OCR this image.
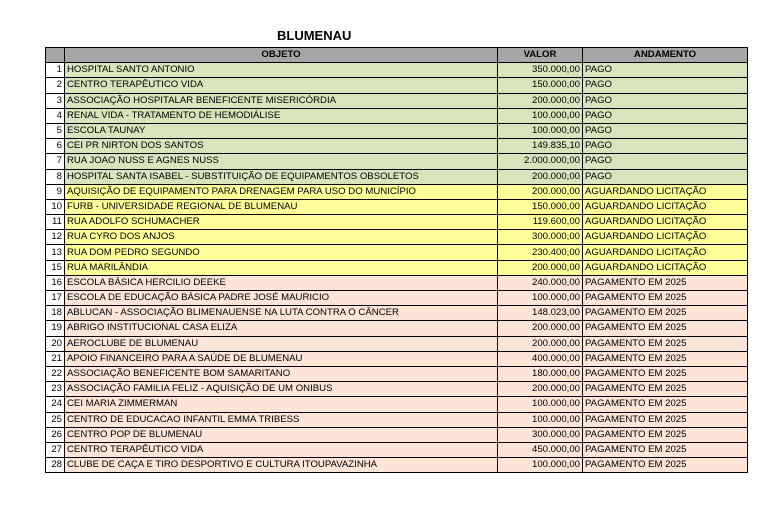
BLUMENAU
	OBJETO	VALOR	ANDAMENTO
1	HOSPITAL SANTO ANTONIO	350.000,00	PAGO
2	CENTRO TERAPÊUTICO VIDA	150.000,00	PAGO
3	ASSOCIAÇÃO HOSPITALAR BENEFICENTE MISERICÓRDIA	200.000,00	PAGO
4	RENAL VIDA - TRATAMENTO DE HEMODIÁLISE	100.000,00	PAGO
5	ESCOLA TAUNAY	100.000,00	PAGO
6	CEI PR NIRTON DOS SANTOS	149.835,10	PAGO
7	RUA JOAO NUSS E AGNES NUSS	2.000.000,00	PAGO
8	HOSPITAL SANTA ISABEL - SUBSTITUIÇÃO DE EQUIPAMENTOS OBSOLETOS	200.000,00	PAGO
9	AQUISIÇÃO DE EQUIPAMENTO PARA DRENAGEM PARA USO DO MUNICÍPIO	200.000,00	AGUARDANDO LICITAÇÃO
10	FURB - UNIVERSIDADE REGIONAL DE BLUMENAU	150.000,00	AGUARDANDO LICITAÇÃO
11	RUA ADOLFO SCHUMACHER	119.600,00	AGUARDANDO LICITAÇÃO
12	RUA CYRO DOS ANJOS	300.000,00	AGUARDANDO LICITAÇÃO
13	RUA DOM PEDRO SEGUNDO	230.400,00	AGUARDANDO LICITAÇÃO
15	RUA MARILÂNDIA	200.000,00	AGUARDANDO LICITAÇÃO
16	ESCOLA BÁSICA HERCILIO DEEKE	240.000,00	PAGAMENTO EM 2025
17	ESCOLA DE EDUCAÇÃO BÁSICA PADRE JOSÉ MAURICIO	100.000,00	PAGAMENTO EM 2025
18	ABLUCAN - ASSOCIAÇÃO BLIMENAUENSE NA LUTA CONTRA O CÂNCER	148.023,00	PAGAMENTO EM 2025
19	ABRIGO INSTITUCIONAL CASA ELIZA	200.000,00	PAGAMENTO EM 2025
20	AEROCLUBE DE BLUMENAU	200.000,00	PAGAMENTO EM 2025
21	APOIO FINANCEIRO PARA A SAÚDE DE BLUMENAU	400.000,00	PAGAMENTO EM 2025
22	ASSOCIAÇÃO BENEFICENTE BOM SAMARITANO	180.000,00	PAGAMENTO EM 2025
23	ASSOCIAÇÃO FAMILIA FELIZ - AQUISIÇÃO DE UM ONIBUS	200.000,00	PAGAMENTO EM 2025
24	CEI MARIA ZIMMERMAN	100.000,00	PAGAMENTO EM 2025
25	CENTRO DE EDUCACAO INFANTIL EMMA TRIBESS	100.000,00	PAGAMENTO EM 2025
26	CENTRO POP DE BLUMENAU	300.000,00	PAGAMENTO EM 2025
27	CENTRO TERAPÊUTICO VIDA	450.000,00	PAGAMENTO EM 2025
28	CLUBE DE CAÇA E TIRO DESPORTIVO E CULTURA ITOUPAVAZINHA	100.000,00	PAGAMENTO EM 2025
